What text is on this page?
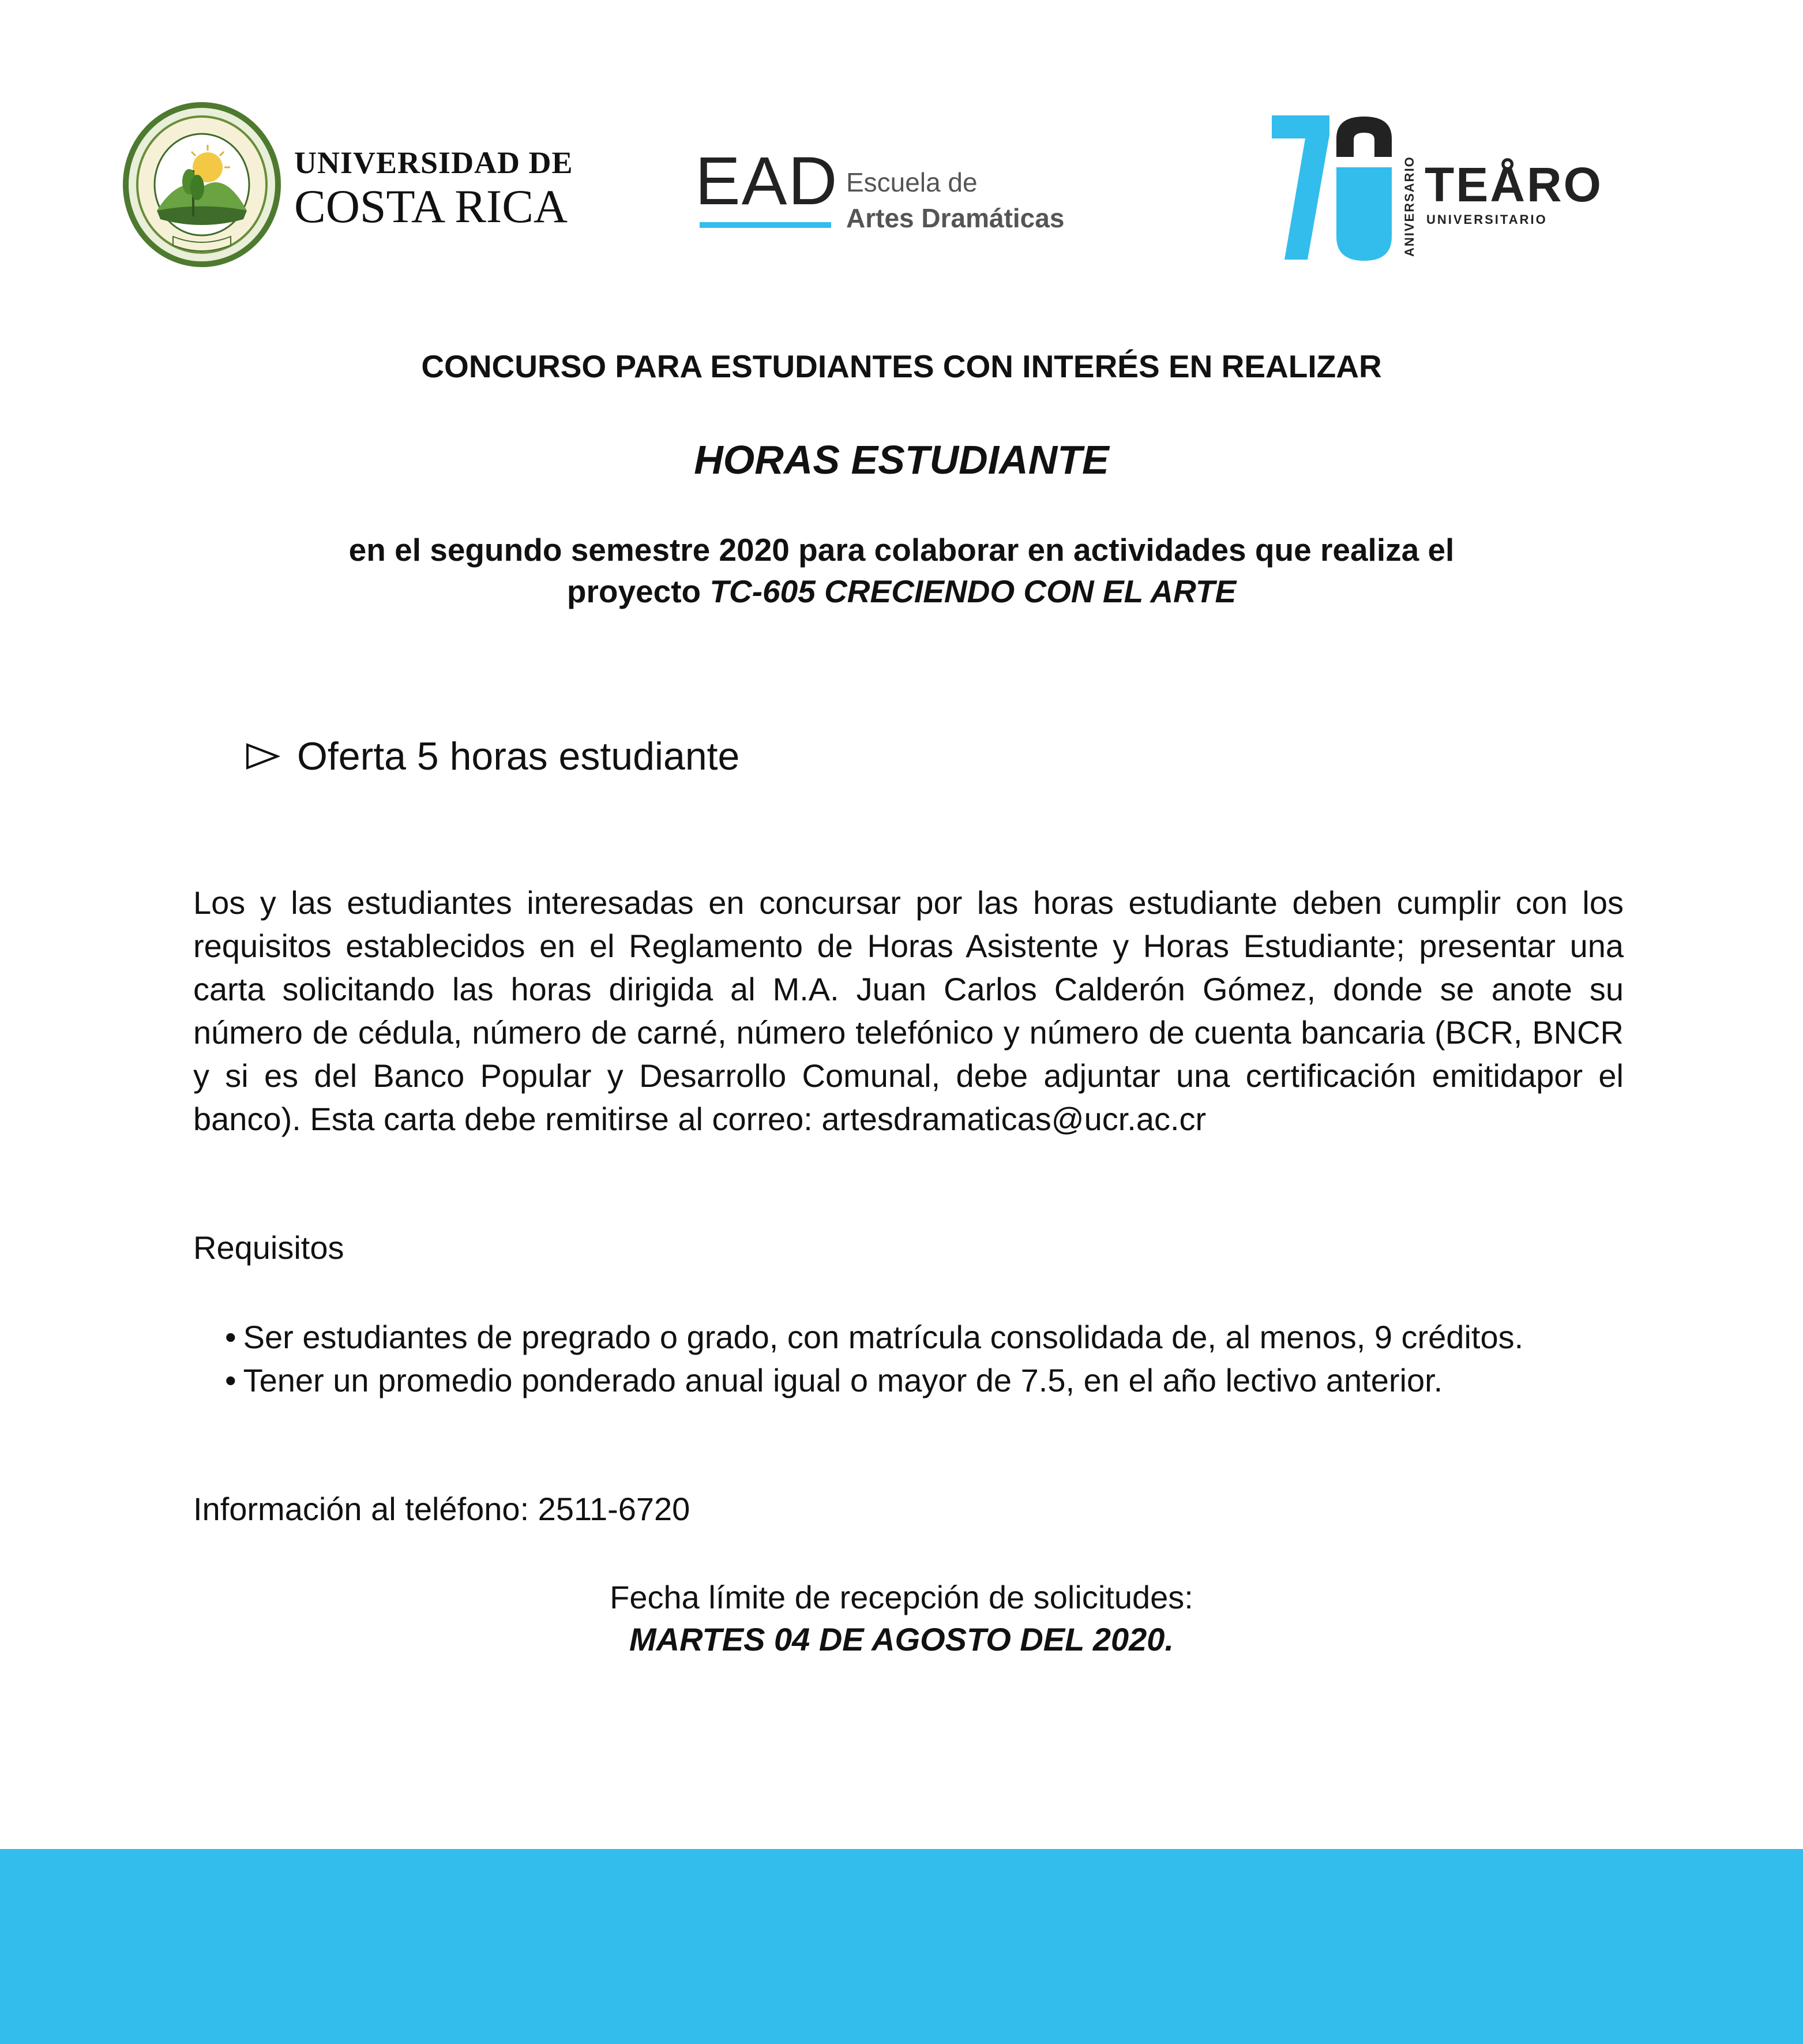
UNIVERSIDAD DE
COSTA RICA EAD Escuela de
Artes Dramáticas	ANIVERSARIO TEÅRO
UNIVERSITARIO
CONCURSO PARA ESTUDIANTES CON INTERÉS EN REALIZAR
HORAS ESTUDIANTE
en el segundo semestre 2020 para colaborar en actividades que realiza el
proyecto TC-605 CRECIENDO CON EL ARTE
Oferta 5 horas estudiante
Los y las estudiantes interesadas en concursar por las horas estudiante deben cumplir con los requisitos establecidos en el Reglamento de Horas Asistente y Horas Estudiante; presentar una carta solicitando las horas dirigida al M.A. Juan Carlos Calderón Gómez, donde se anote su número de cédula, número de carné, número telefónico y número de cuenta bancaria (BCR, BNCR y si es del Banco Popular y Desarrollo Comunal, debe adjuntar una certificación emitidapor el banco). Esta carta debe remitirse al correo: artesdramaticas@ucr.ac.cr
Requisitos
• Ser estudiantes de pregrado o grado, con matrícula consolidada de, al menos, 9 créditos.
• Tener un promedio ponderado anual igual o mayor de 7.5, en el año lectivo anterior.
Información al teléfono: 2511-6720
Fecha límite de recepción de solicitudes:
MARTES 04 DE AGOSTO DEL 2020.
